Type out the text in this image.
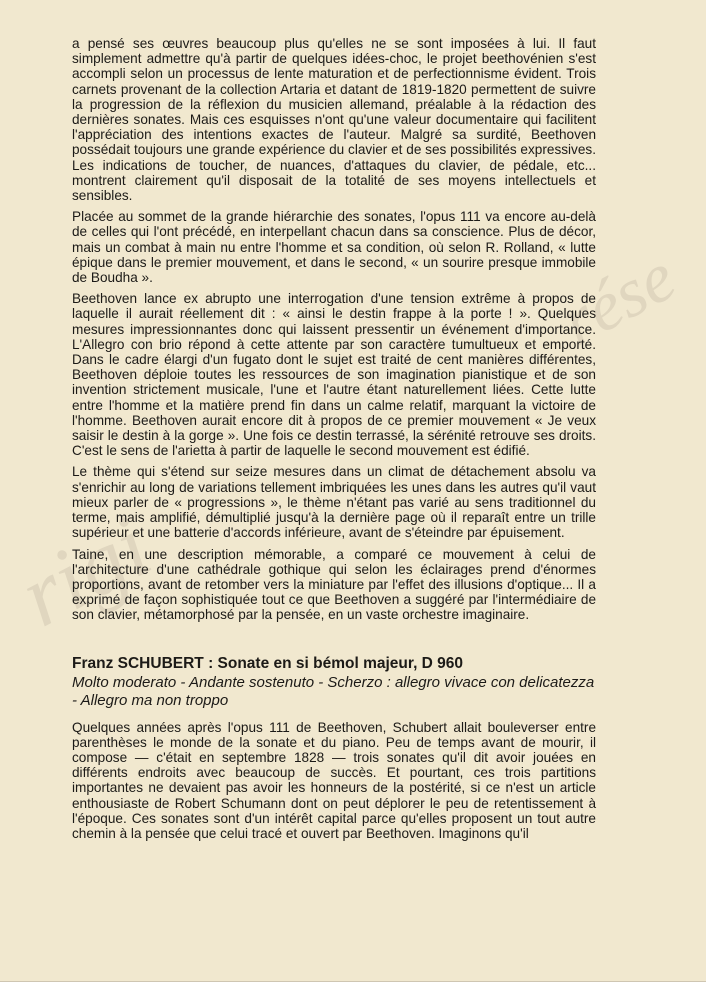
rigi
rése

a pensé ses œuvres beaucoup plus qu'elles ne se sont imposées à lui. Il faut simplement admettre qu'à partir de quelques idées-choc, le projet beethovénien s'est accompli selon un processus de lente maturation et de perfectionnisme évident. Trois carnets provenant de la collection Artaria et datant de 1819-1820 permettent de suivre la progression de la réflexion du musicien allemand, préalable à la rédaction des dernières sonates. Mais ces esquisses n'ont qu'une valeur documentaire qui facilitent l'appréciation des intentions exactes de l'auteur. Malgré sa surdité, Beethoven possédait toujours une grande expérience du clavier et de ses possibilités expressives. Les indications de toucher, de nuances, d'attaques du clavier, de pédale, etc... montrent clairement qu'il disposait de la totalité de ses moyens intellectuels et sensibles.

Placée au sommet de la grande hiérarchie des sonates, l'opus 111 va encore au-delà de celles qui l'ont précédé, en interpellant chacun dans sa conscience. Plus de décor, mais un combat à main nu entre l'homme et sa condition, où selon R. Rolland, « lutte épique dans le premier mouvement, et dans le second, « un sourire presque immobile de Boudha ».

Beethoven lance ex abrupto une interrogation d'une tension extrême à propos de laquelle il aurait réellement dit : « ainsi le destin frappe à la porte ! ». Quelques mesures impressionnantes donc qui laissent pressentir un événement d'importance. L'Allegro con brio répond à cette attente par son caractère tumultueux et emporté. Dans le cadre élargi d'un fugato dont le sujet est traité de cent manières différentes, Beethoven déploie toutes les ressources de son imagination pianistique et de son invention strictement musicale, l'une et l'autre étant naturellement liées. Cette lutte entre l'homme et la matière prend fin dans un calme relatif, marquant la victoire de l'homme. Beethoven aurait encore dit à propos de ce premier mouvement « Je veux saisir le destin à la gorge ». Une fois ce destin terrassé, la sérénité retrouve ses droits. C'est le sens de l'arietta à partir de laquelle le second mouvement est édifié.

Le thème qui s'étend sur seize mesures dans un climat de détachement absolu va s'enrichir au long de variations tellement imbriquées les unes dans les autres qu'il vaut mieux parler de « progressions », le thème n'étant pas varié au sens traditionnel du terme, mais amplifié, démultiplié jusqu'à la dernière page où il reparaît entre un trille supérieur et une batterie d'accords inférieure, avant de s'éteindre par épuisement.

Taine, en une description mémorable, a comparé ce mouvement à celui de l'architecture d'une cathédrale gothique qui selon les éclairages prend d'énormes proportions, avant de retomber vers la miniature par l'effet des illusions d'optique... Il a exprimé de façon sophistiquée tout ce que Beethoven a suggéré par l'intermédiaire de son clavier, métamorphosé par la pensée, en un vaste orchestre imaginaire.

Franz SCHUBERT : Sonate en si bémol majeur, D 960
Molto moderato - Andante sostenuto - Scherzo : allegro vivace con delicatezza - Allegro ma non troppo

Quelques années après l'opus 111 de Beethoven, Schubert allait bouleverser entre parenthèses le monde de la sonate et du piano. Peu de temps avant de mourir, il compose — c'était en septembre 1828 — trois sonates qu'il dit avoir jouées en différents endroits avec beaucoup de succès. Et pourtant, ces trois partitions importantes ne devaient pas avoir les honneurs de la postérité, si ce n'est un article enthousiaste de Robert Schumann dont on peut déplorer le peu de retentissement à l'époque. Ces sonates sont d'un intérêt capital parce qu'elles proposent un tout autre chemin à la pensée que celui tracé et ouvert par Beethoven. Imaginons qu'il
